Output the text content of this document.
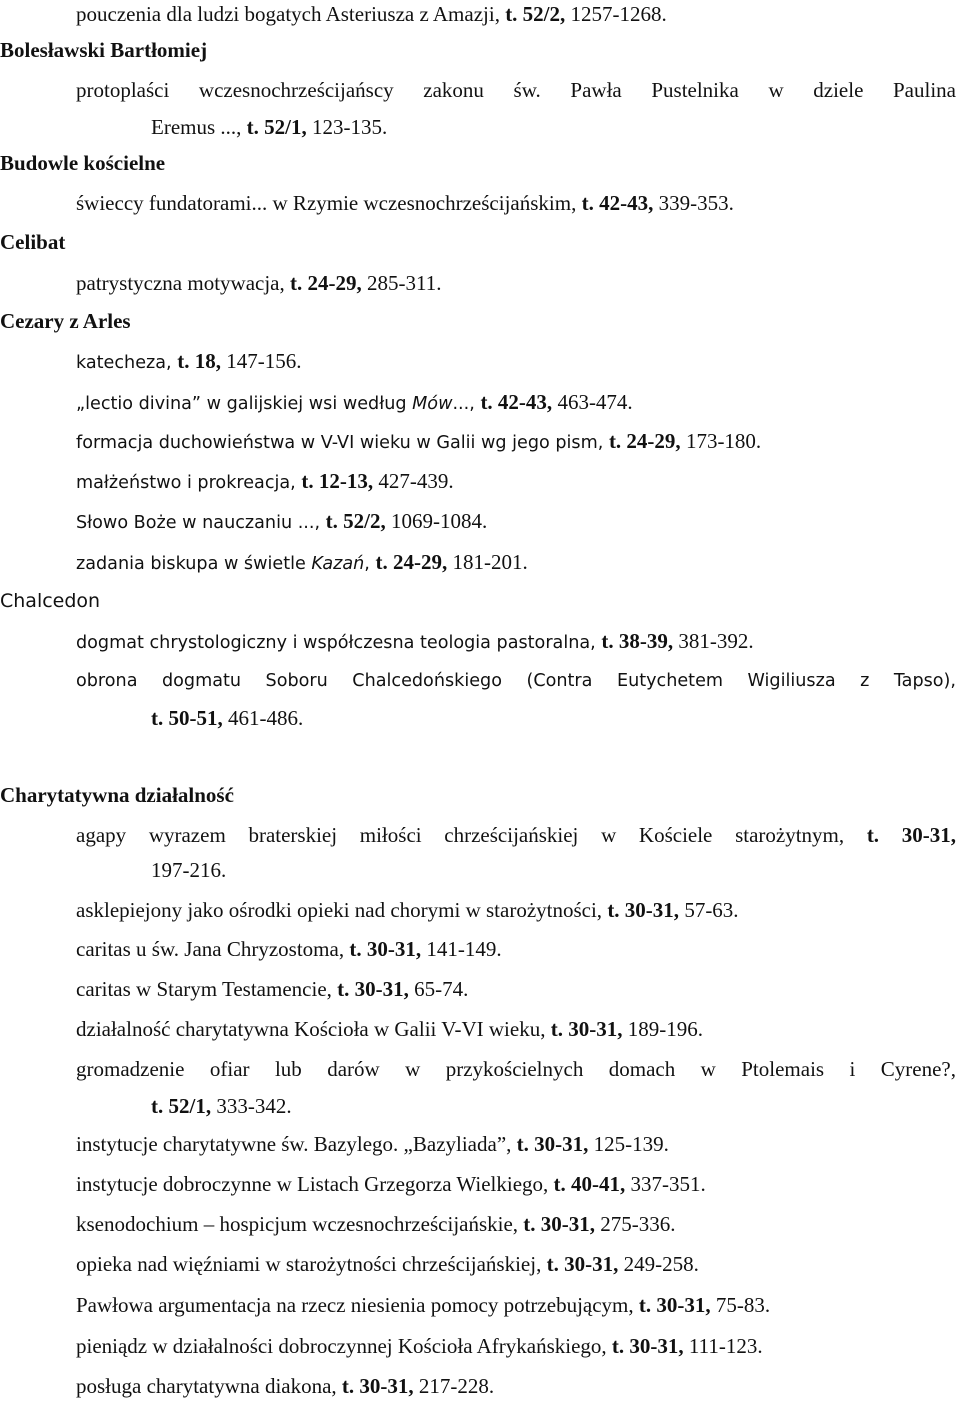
pouczenia dla ludzi bogatych Asteriusza z Amazji, t. 52/2, 1257-1268.
Bolesławski Bartłomiej
protoplaści wczesnochrześcijańscy zakonu św. Pawła Pustelnika w dziele Paulina
Eremus ..., t. 52/1, 123-135.
Budowle kościelne
świeccy fundatorami... w Rzymie wczesnochrześcijańskim, t. 42-43, 339-353.
Celibat
patrystyczna motywacja, t. 24-29, 285-311.
Cezary z Arles
katecheza, t. 18, 147-156.
„lectio divina” w galijskiej wsi według Mów..., t. 42-43, 463-474.
formacja duchowieństwa w V-VI wieku w Galii wg jego pism, t. 24-29, 173-180.
małżeństwo i prokreacja, t. 12-13, 427-439.
Słowo Boże w nauczaniu ..., t. 52/2, 1069-1084.
zadania biskupa w świetle Kazań, t. 24-29, 181-201.
Chalcedon
dogmat chrystologiczny i współczesna teologia pastoralna, t. 38-39, 381-392.
obrona dogmatu Soboru Chalcedońskiego (Contra Eutychetem Wigiliusza z Tapso),
t. 50-51, 461-486.
Charytatywna działalność
agapy wyrazem braterskiej miłości chrześcijańskiej w Kościele starożytnym, t. 30-31,
197-216.
asklepiejony jako ośrodki opieki nad chorymi w starożytności, t. 30-31, 57-63.
caritas u św. Jana Chryzostoma, t. 30-31, 141-149.
caritas w Starym Testamencie, t. 30-31, 65-74.
działalność charytatywna Kościoła w Galii V-VI wieku, t. 30-31, 189-196.
gromadzenie ofiar lub darów w przykościelnych domach w Ptolemais i Cyrene?,
t. 52/1, 333-342.
instytucje charytatywne św. Bazylego. „Bazyliada”, t. 30-31, 125-139.
instytucje dobroczynne w Listach Grzegorza Wielkiego, t. 40-41, 337-351.
ksenodochium – hospicjum wczesnochrześcijańskie, t. 30-31, 275-336.
opieka nad więźniami w starożytności chrześcijańskiej, t. 30-31, 249-258.
Pawłowa argumentacja na rzecz niesienia pomocy potrzebującym, t. 30-31, 75-83.
pieniądz w działalności dobroczynnej Kościoła Afrykańskiego, t. 30-31, 111-123.
posługa charytatywna diakona, t. 30-31, 217-228.
